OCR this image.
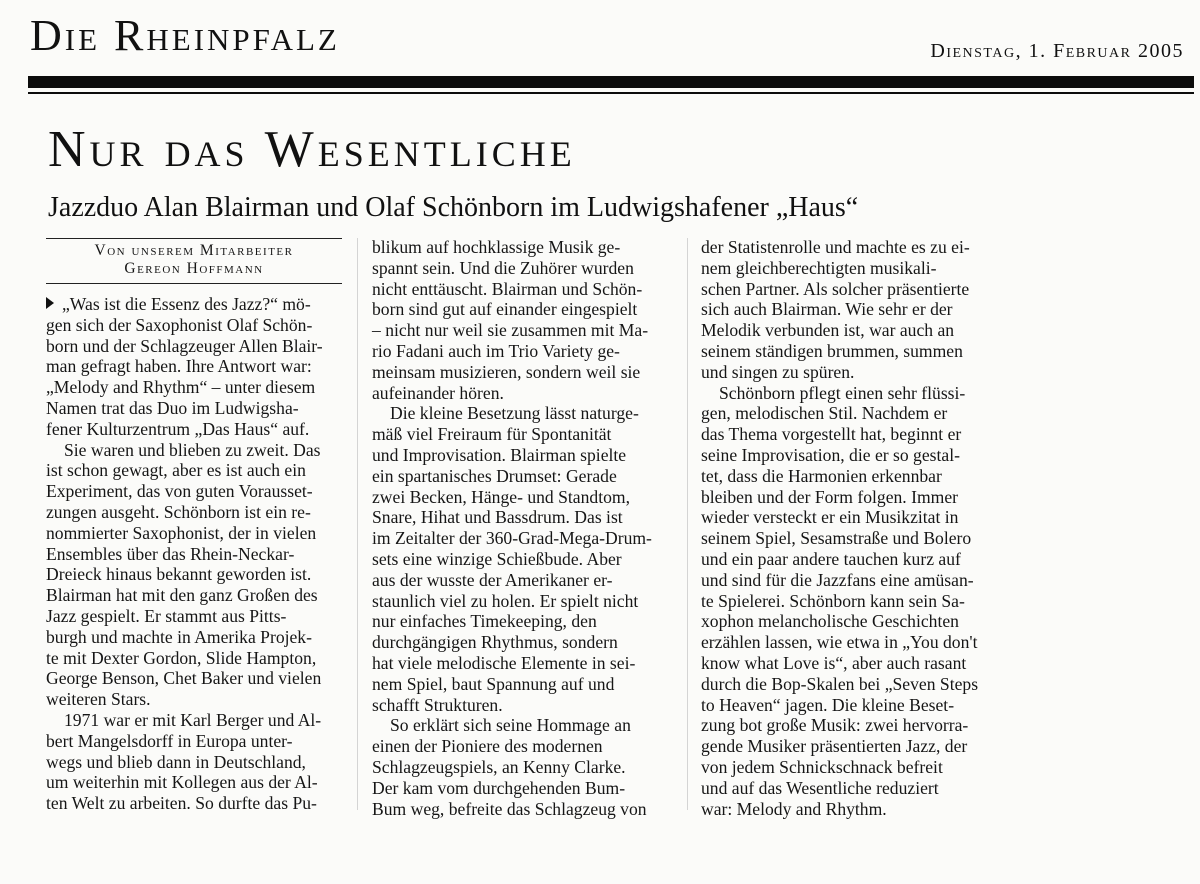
Die Rheinpfalz	Dienstag, 1. Februar 2005
Nur das Wesentliche
Jazzduo Alan Blairman und Olaf Schönborn im Ludwigshafener „Haus“
Von unserem Mitarbeiter
Gereon Hoffmann

„Was ist die Essenz des Jazz?“ mö-
gen sich der Saxophonist Olaf Schön-
born und der Schlagzeuger Allen Blair-
man gefragt haben. Ihre Antwort war:
„Melody and Rhythm“ – unter diesem
Namen trat das Duo im Ludwigsha-
fener Kulturzentrum „Das Haus“ auf.

Sie waren und blieben zu zweit. Das
ist schon gewagt, aber es ist auch ein
Experiment, das von guten Vorausset-
zungen ausgeht. Schönborn ist ein re-
nommierter Saxophonist, der in vielen
Ensembles über das Rhein-Neckar-
Dreieck hinaus bekannt geworden ist.
Blairman hat mit den ganz Großen des
Jazz gespielt. Er stammt aus Pitts-
burgh und machte in Amerika Projek-
te mit Dexter Gordon, Slide Hampton,
George Benson, Chet Baker und vielen
weiteren Stars.

1971 war er mit Karl Berger und Al-
bert Mangelsdorff in Europa unter-
wegs und blieb dann in Deutschland,
um weiterhin mit Kollegen aus der Al-
ten Welt zu arbeiten. So durfte das Pu-

blikum auf hochklassige Musik ge-
spannt sein. Und die Zuhörer wurden
nicht enttäuscht. Blairman und Schön-
born sind gut auf einander eingespielt
– nicht nur weil sie zusammen mit Ma-
rio Fadani auch im Trio Variety ge-
meinsam musizieren, sondern weil sie
aufeinander hören.

Die kleine Besetzung lässt naturge-
mäß viel Freiraum für Spontanität
und Improvisation. Blairman spielte
ein spartanisches Drumset: Gerade
zwei Becken, Hänge- und Standtom,
Snare, Hihat und Bassdrum. Das ist
im Zeitalter der 360-Grad-Mega-Drum-
sets eine winzige Schießbude. Aber
aus der wusste der Amerikaner er-
staunlich viel zu holen. Er spielt nicht
nur einfaches Timekeeping, den
durchgängigen Rhythmus, sondern
hat viele melodische Elemente in sei-
nem Spiel, baut Spannung auf und
schafft Strukturen.

So erklärt sich seine Hommage an
einen der Pioniere des modernen
Schlagzeugspiels, an Kenny Clarke.
Der kam vom durchgehenden Bum-
Bum weg, befreite das Schlagzeug von

der Statistenrolle und machte es zu ei-
nem gleichberechtigten musikali-
schen Partner. Als solcher präsentierte
sich auch Blairman. Wie sehr er der
Melodik verbunden ist, war auch an
seinem ständigen brummen, summen
und singen zu spüren.

Schönborn pflegt einen sehr flüssi-
gen, melodischen Stil. Nachdem er
das Thema vorgestellt hat, beginnt er
seine Improvisation, die er so gestal-
tet, dass die Harmonien erkennbar
bleiben und der Form folgen. Immer
wieder versteckt er ein Musikzitat in
seinem Spiel, Sesamstraße und Bolero
und ein paar andere tauchen kurz auf
und sind für die Jazzfans eine amüsan-
te Spielerei. Schönborn kann sein Sa-
xophon melancholische Geschichten
erzählen lassen, wie etwa in „You don't
know what Love is“, aber auch rasant
durch die Bop-Skalen bei „Seven Steps
to Heaven“ jagen. Die kleine Beset-
zung bot große Musik: zwei hervorra-
gende Musiker präsentierten Jazz, der
von jedem Schnickschnack befreit
und auf das Wesentliche reduziert
war: Melody and Rhythm.
